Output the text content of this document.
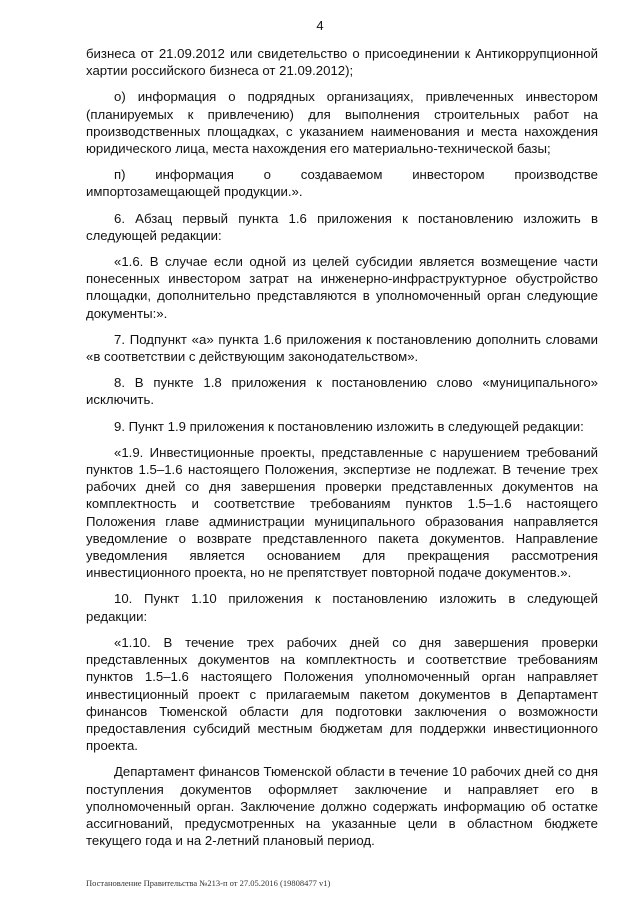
4

бизнеса от 21.09.2012 или свидетельство о присоединении к Антикоррупционной хартии российского бизнеса от 21.09.2012);

о) информация о подрядных организациях, привлеченных инвестором (планируемых к привлечению) для выполнения строительных работ на производственных площадках, с указанием наименования и места нахождения юридического лица, места нахождения его материально-технической базы;

п) информация о создаваемом инвестором производстве импортозамещающей продукции.».

6. Абзац первый пункта 1.6 приложения к постановлению изложить в следующей редакции:

«1.6. В случае если одной из целей субсидии является возмещение части понесенных инвестором затрат на инженерно-инфраструктурное обустройство площадки, дополнительно представляются в уполномоченный орган следующие документы:».

7. Подпункт «а» пункта 1.6 приложения к постановлению дополнить словами «в соответствии с действующим законодательством».

8. В пункте 1.8 приложения к постановлению слово «муниципального» исключить.

9. Пункт 1.9 приложения к постановлению изложить в следующей редакции:

«1.9. Инвестиционные проекты, представленные с нарушением требований пунктов 1.5–1.6 настоящего Положения, экспертизе не подлежат. В течение трех рабочих дней со дня завершения проверки представленных документов на комплектность и соответствие требованиям пунктов 1.5–1.6 настоящего Положения главе администрации муниципального образования направляется уведомление о возврате представленного пакета документов. Направление уведомления является основанием для прекращения рассмотрения инвестиционного проекта, но не препятствует повторной подаче документов.».

10. Пункт 1.10 приложения к постановлению изложить в следующей редакции:

«1.10. В течение трех рабочих дней со дня завершения проверки представленных документов на комплектность и соответствие требованиям пунктов 1.5–1.6 настоящего Положения уполномоченный орган направляет инвестиционный проект с прилагаемым пакетом документов в Департамент финансов Тюменской области для подготовки заключения о возможности предоставления субсидий местным бюджетам для поддержки инвестиционного проекта.

Департамент финансов Тюменской области в течение 10 рабочих дней со дня поступления документов оформляет заключение и направляет его в уполномоченный орган. Заключение должно содержать информацию об остатке ассигнований, предусмотренных на указанные цели в областном бюджете текущего года и на 2-летний плановый период.

Постановление Правительства №213-п от 27.05.2016 (19808477 v1)
